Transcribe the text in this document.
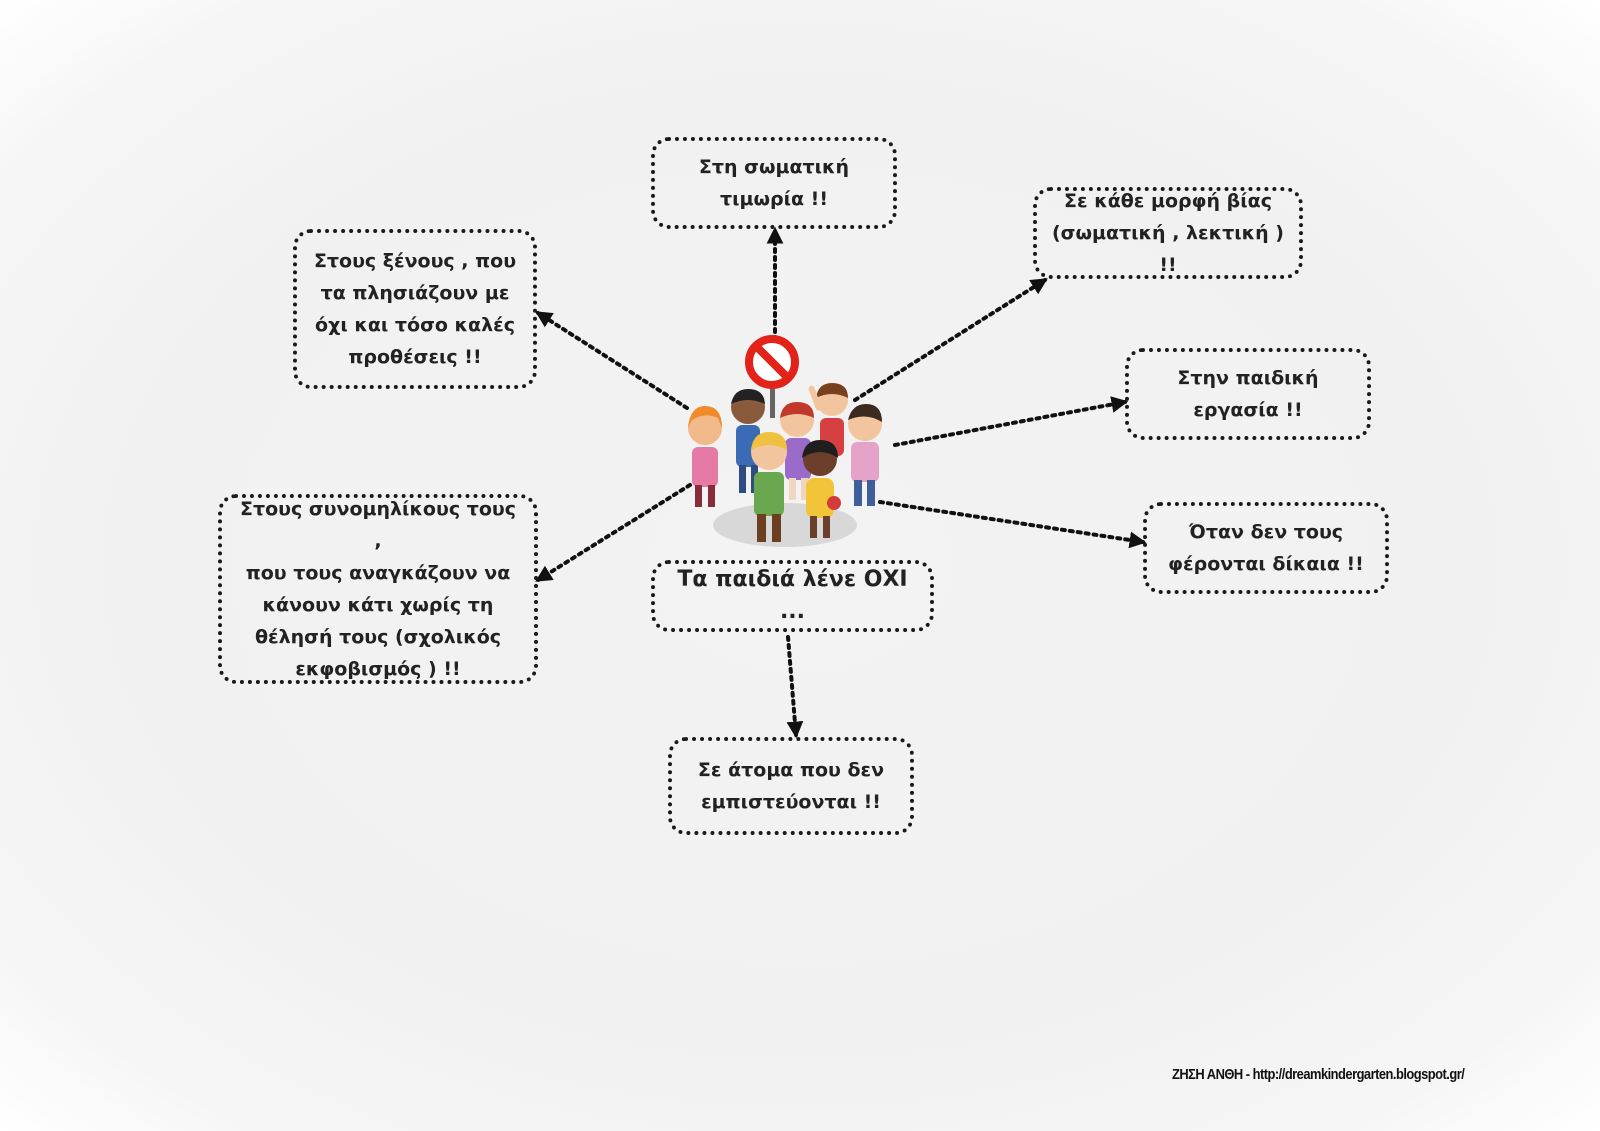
Στη σωματική
τιμωρία !!	Σε κάθε μορφή βίας
(σωματική , λεκτική ) !!
Στην παιδική
εργασία !!
Όταν δεν τους
φέρονται δίκαια !!
Τα παιδιά λένε ΟΧΙ ...
Σε άτομα που δεν
εμπιστεύονται !!
Στους συνομηλίκους τους ,
που τους αναγκάζουν να
κάνουν κάτι χωρίς τη
θέλησή τους (σχολικός
εκφοβισμός ) !!
Στους ξένους , που
τα πλησιάζουν με
όχι και τόσο καλές
προθέσεις !!
ΖΗΣΗ ΑΝΘΗ - http://dreamkindergarten.blogspot.gr/
